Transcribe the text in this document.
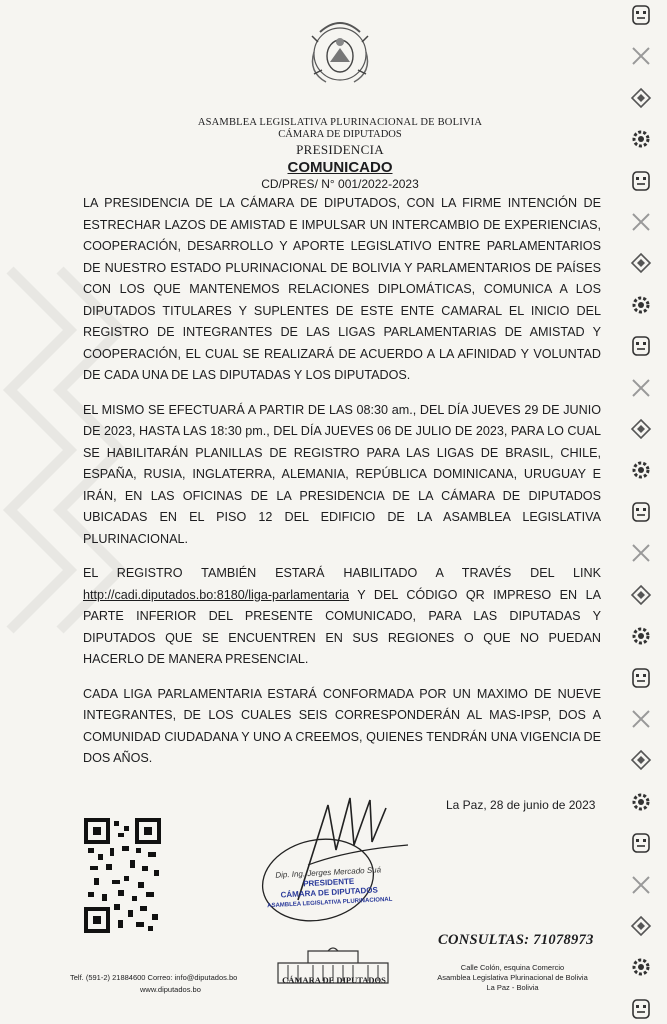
ASAMBLEA LEGISLATIVA PLURINACIONAL DE BOLIVIA
CÁMARA DE DIPUTADOS
PRESIDENCIA
COMUNICADO
CD/PRES/ N° 001/2022-2023

LA PRESIDENCIA DE LA CÁMARA DE DIPUTADOS, CON LA FIRME INTENCIÓN DE ESTRECHAR LAZOS DE AMISTAD E IMPULSAR UN INTERCAMBIO DE EXPERIENCIAS, COOPERACIÓN, DESARROLLO Y APORTE LEGISLATIVO ENTRE PARLAMENTARIOS DE NUESTRO ESTADO PLURINACIONAL DE BOLIVIA Y PARLAMENTARIOS DE PAÍSES CON LOS QUE MANTENEMOS RELACIONES DIPLOMÁTICAS, COMUNICA A LOS DIPUTADOS TITULARES Y SUPLENTES DE ESTE ENTE CAMARAL EL INICIO DEL REGISTRO DE INTEGRANTES DE LAS LIGAS PARLAMENTARIAS DE AMISTAD Y COOPERACIÓN, EL CUAL SE REALIZARÁ DE ACUERDO A LA AFINIDAD Y VOLUNTAD DE CADA UNA DE LAS DIPUTADAS Y LOS DIPUTADOS.

EL MISMO SE EFECTUARÁ A PARTIR DE LAS 08:30 am., DEL DÍA JUEVES 29 DE JUNIO DE 2023, HASTA LAS 18:30 pm., DEL DÍA JUEVES 06 DE JULIO DE 2023, PARA LO CUAL SE HABILITARÁN PLANILLAS DE REGISTRO PARA LAS LIGAS DE BRASIL, CHILE, ESPAÑA, RUSIA, INGLATERRA, ALEMANIA, REPÚBLICA DOMINICANA, URUGUAY E IRÁN, EN LAS OFICINAS DE LA PRESIDENCIA DE LA CÁMARA DE DIPUTADOS UBICADAS EN EL PISO 12 DEL EDIFICIO DE LA ASAMBLEA LEGISLATIVA PLURINACIONAL.

EL REGISTRO TAMBIÉN ESTARÁ HABILITADO A TRAVÉS DEL LINK http://cadi.diputados.bo:8180/liga-parlamentaria Y DEL CÓDIGO QR IMPRESO EN LA PARTE INFERIOR DEL PRESENTE COMUNICADO, PARA LAS DIPUTADAS Y DIPUTADOS QUE SE ENCUENTREN EN SUS REGIONES O QUE NO PUEDAN HACERLO DE MANERA PRESENCIAL.

CADA LIGA PARLAMENTARIA ESTARÁ CONFORMADA POR UN MAXIMO DE NUEVE INTEGRANTES, DE LOS CUALES SEIS CORRESPONDERÁN AL MAS-IPSP, DOS A COMUNIDAD CIUDADANA Y UNO A CREEMOS, QUIENES TENDRÁN UNA VIGENCIA DE DOS AÑOS.

La Paz, 28 de junio de 2023
Dip. Ing. Jerges Mercado Suá
PRESIDENTE
CÁMARA DE DIPUTADOS
ASAMBLEA LEGISLATIVA PLURINACIONAL
CONSULTAS: 71078973
Telf. (591-2) 21884600 Correo: info@diputados.bo
www.diputados.bo
CÁMARA DE DIPUTADOS
Calle Colón, esquina Comercio
Asamblea Legislativa Plurinacional de Bolivia
La Paz - Bolivia
